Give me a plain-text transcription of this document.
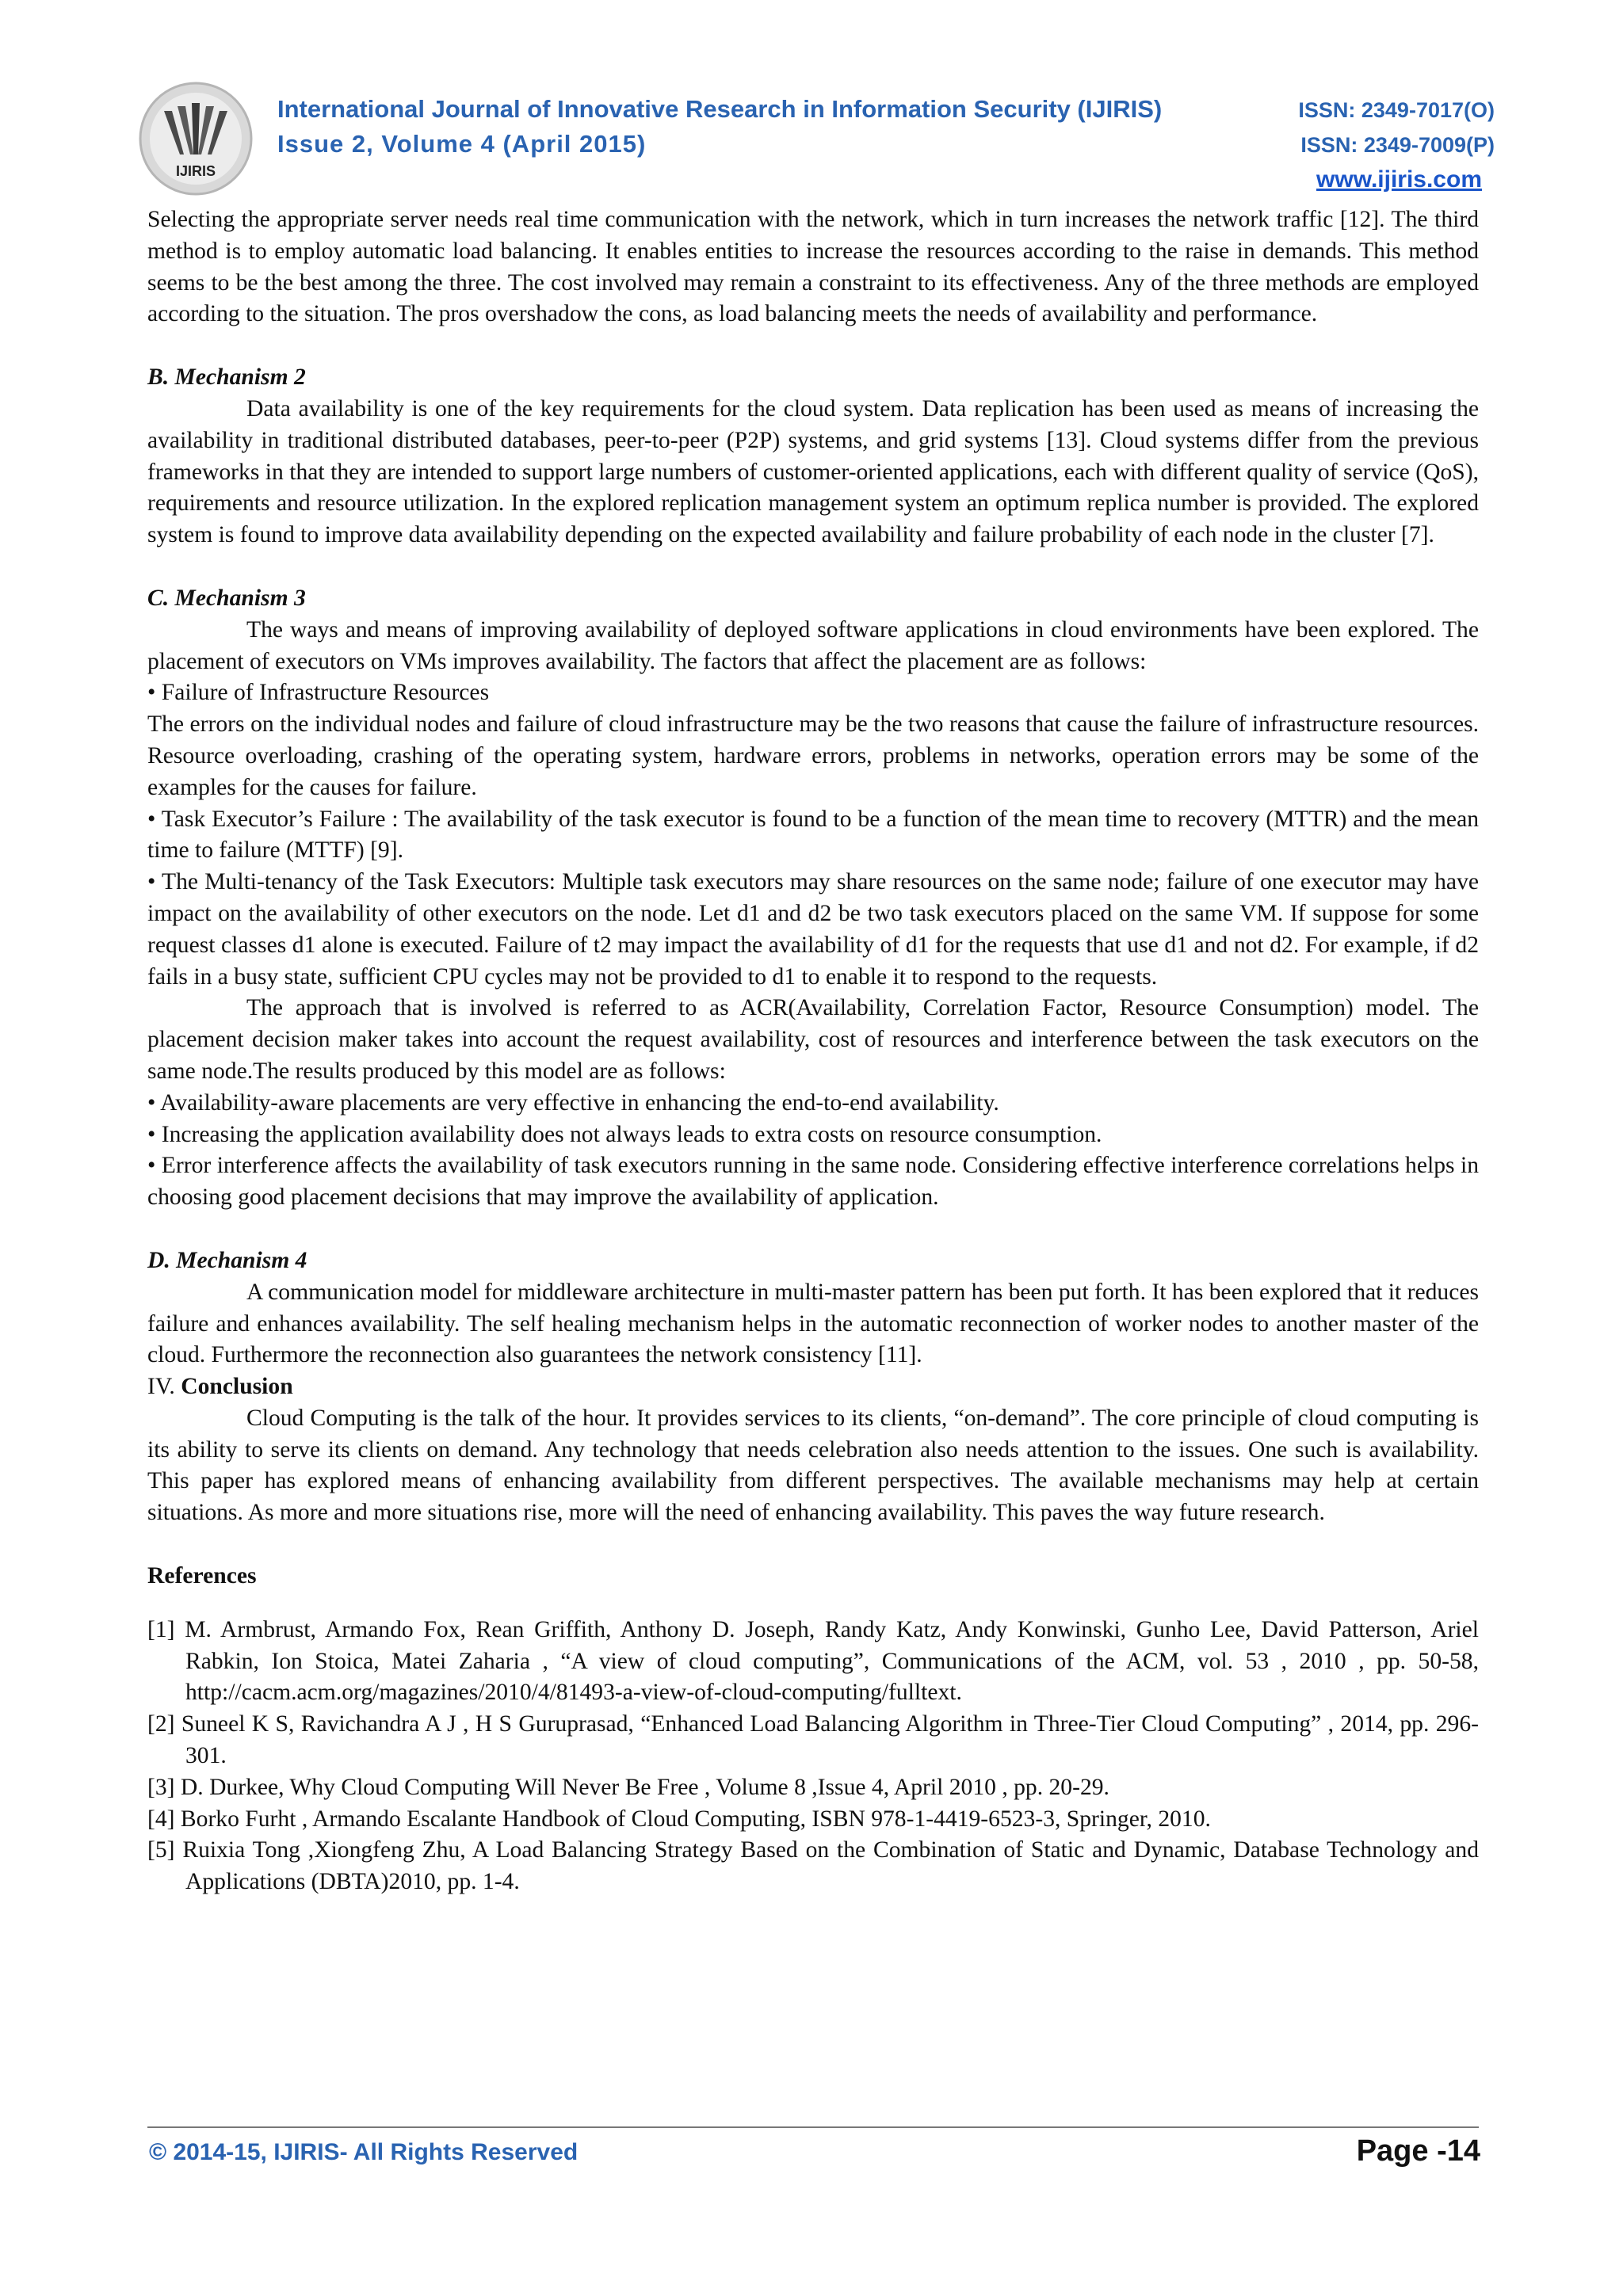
IJIRIS
International Journal of Innovative Research in Information Security (IJIRIS)
Issue 2, Volume 4 (April 2015)
ISSN: 2349-7017(O)
ISSN: 2349-7009(P)
www.ijiris.com

Selecting the appropriate server needs real time communication with the network, which in turn increases the network traffic [12]. The third method is to employ automatic load balancing. It enables entities to increase the resources according to the raise in demands. This method seems to be the best among the three. The cost involved may remain a constraint to its effectiveness. Any of the three methods are employed according to the situation. The pros overshadow the cons, as load balancing meets the needs of availability and performance.

B. Mechanism 2

Data availability is one of the key requirements for the cloud system. Data replication has been used as means of increasing the availability in traditional distributed databases, peer-to-peer (P2P) systems, and grid systems [13]. Cloud systems differ from the previous frameworks in that they are intended to support large numbers of customer-oriented applications, each with different quality of service (QoS), requirements and resource utilization. In the explored replication management system an optimum replica number is provided. The explored system is found to improve data availability depending on the expected availability and failure probability of each node in the cluster [7].

C. Mechanism 3

The ways and means of improving availability of deployed software applications in cloud environments have been explored. The placement of executors on VMs improves availability. The factors that affect the placement are as follows:

• Failure of Infrastructure Resources

The errors on the individual nodes and failure of cloud infrastructure may be the two reasons that cause the failure of infrastructure resources. Resource overloading, crashing of the operating system, hardware errors, problems in networks, operation errors may be some of the examples for the causes for failure.

• Task Executor’s Failure : The availability of the task executor is found to be a function of the mean time to recovery (MTTR) and the mean time to failure (MTTF) [9].

• The Multi-tenancy of the Task Executors: Multiple task executors may share resources on the same node; failure of one executor may have impact on the availability of other executors on the node. Let d1 and d2 be two task executors placed on the same VM. If suppose for some request classes d1 alone is executed. Failure of t2 may impact the availability of d1 for the requests that use d1 and not d2. For example, if d2 fails in a busy state, sufficient CPU cycles may not be provided to d1 to enable it to respond to the requests.

The approach that is involved is referred to as ACR(Availability, Correlation Factor, Resource Consumption) model. The placement decision maker takes into account the request availability, cost of resources and interference between the task executors on the same node.The results produced by this model are as follows:

• Availability-aware placements are very effective in enhancing the end-to-end availability.

• Increasing the application availability does not always leads to extra costs on resource consumption.

• Error interference affects the availability of task executors running in the same node. Considering effective interference correlations helps in choosing good placement decisions that may improve the availability of application.

D. Mechanism 4

A communication model for middleware architecture in multi-master pattern has been put forth. It has been explored that it reduces failure and enhances availability. The self healing mechanism helps in the automatic reconnection of worker nodes to another master of the cloud. Furthermore the reconnection also guarantees the network consistency [11].

IV. Conclusion

Cloud Computing is the talk of the hour. It provides services to its clients, “on-demand”. The core principle of cloud computing is its ability to serve its clients on demand. Any technology that needs celebration also needs attention to the issues. One such is availability. This paper has explored means of enhancing availability from different perspectives. The available mechanisms may help at certain situations. As more and more situations rise, more will the need of enhancing availability. This paves the way future research.

References

[1] M. Armbrust, Armando Fox, Rean Griffith, Anthony D. Joseph, Randy Katz, Andy Konwinski, Gunho Lee, David Patterson, Ariel Rabkin, Ion Stoica, Matei Zaharia , “A view of cloud computing”, Communications of the ACM, vol. 53 , 2010 , pp. 50-58, http://cacm.acm.org/magazines/2010/4/81493-a-view-of-cloud-computing/fulltext.

[2] Suneel K S, Ravichandra A J , H S Guruprasad, “Enhanced Load Balancing Algorithm in Three-Tier Cloud Computing” , 2014, pp. 296-301.

[3] D. Durkee, Why Cloud Computing Will Never Be Free , Volume 8 ,Issue 4, April 2010 , pp. 20-29.

[4] Borko Furht , Armando Escalante Handbook of Cloud Computing, ISBN 978-1-4419-6523-3, Springer, 2010.

[5] Ruixia Tong ,Xiongfeng Zhu, A Load Balancing Strategy Based on the Combination of Static and Dynamic, Database Technology and Applications (DBTA)2010, pp. 1-4.

© 2014-15, IJIRIS- All Rights Reserved	Page -14
